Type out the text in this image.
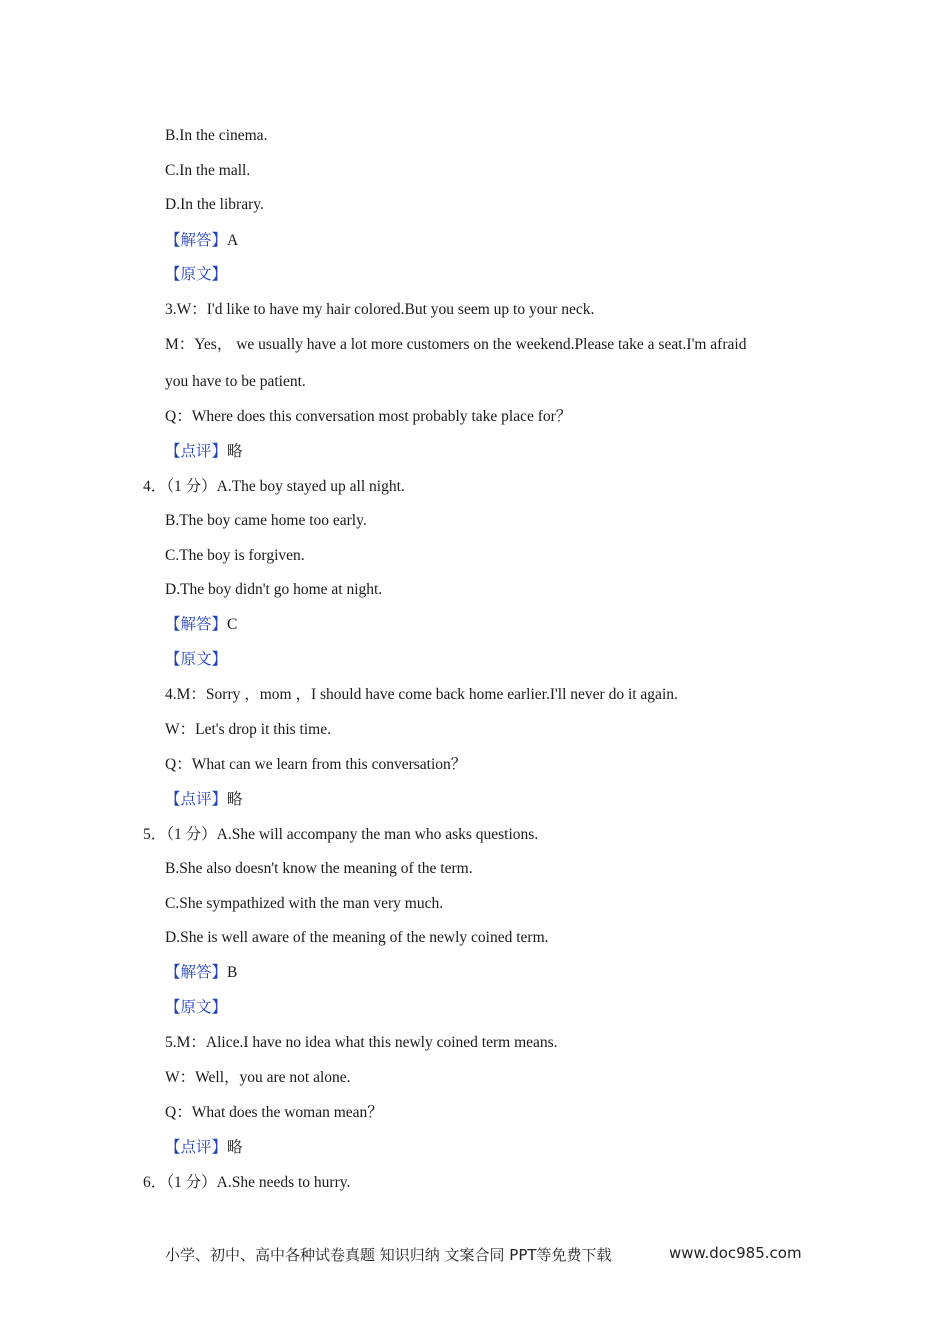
B.In the cinema.
C.In the mall.
D.In the library.
【解答】A
【原文】
3.W：I'd like to have my hair colored.But you seem up to your neck.
M：Yes， we usually have a lot more customers on the weekend.Please take a seat.I'm afraid
you have to be patient.
Q：Where does this conversation most probably take place for？
【点评】略
4．（1 分）A.The boy stayed up all night.
B.The boy came home too early.
C.The boy is forgiven.
D.The boy didn't go home at night.
【解答】C
【原文】
4.M：Sorry ，mom ，I should have come back home earlier.I'll never do it again.
W：Let's drop it this time.
Q：What can we learn from this conversation？
【点评】略
5．（1 分）A.She will accompany the man who asks questions.
B.She also doesn't know the meaning of the term.
C.She sympathized with the man very much.
D.She is well aware of the meaning of the newly coined term.
【解答】B
【原文】
5.M：Alice.I have no idea what this newly coined term means.
W：Well，you are not alone.
Q：What does the woman mean？
【点评】略
6．（1 分）A.She needs to hurry.
小学、初中、高中各种试卷真题 知识归纳 文案合同 PPT等免费下载	www.doc985.com
